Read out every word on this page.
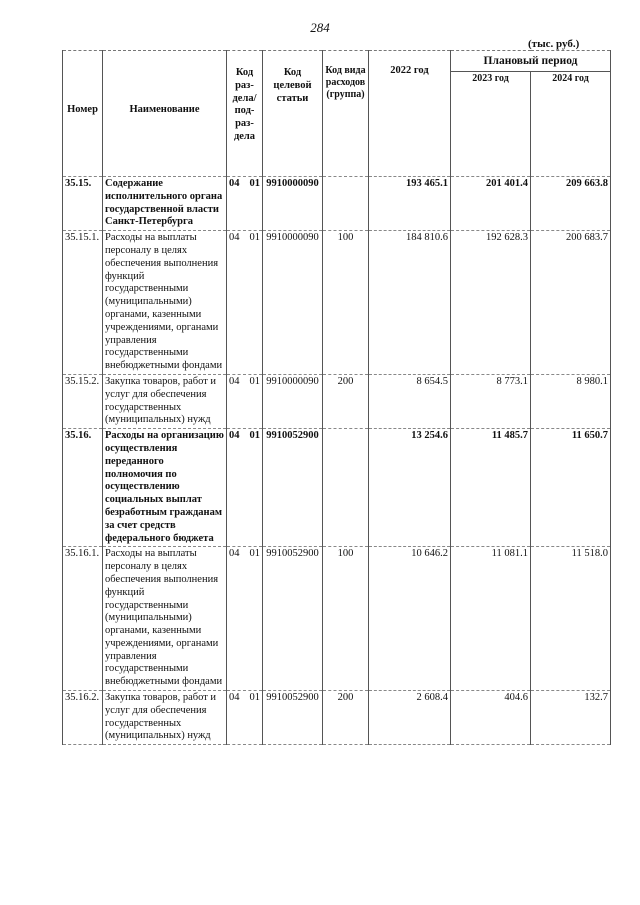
284
(тыс. руб.)
Номер	Наименование	Код раз-дела/ под-раз-дела	Код целевой статьи	Код вида расходов (группа)	2022 год	Плановый период	
						2023 год	2024 год

35.15.	Содержание исполнительного органа государственной власти Санкт-Петербурга	04 01	9910000090		193 465.1	201 401.4	209 663.8
35.15.1.	Расходы на выплаты персоналу в целях обеспечения выполнения функций государственными (муниципальными) органами, казенными учреждениями, органами управления государственными внебюджетными фондами	04 01	9910000090	100	184 810.6	192 628.3	200 683.7
35.15.2.	Закупка товаров, работ и услуг для обеспечения государственных (муниципальных) нужд	04 01	9910000090	200	8 654.5	8 773.1	8 980.1
35.16.	Расходы на организацию осуществления переданного полномочия по осуществлению социальных выплат безработным гражданам за счет средств федерального бюджета	04 01	9910052900		13 254.6	11 485.7	11 650.7
35.16.1.	Расходы на выплаты персоналу в целях обеспечения выполнения функций государственными (муниципальными) органами, казенными учреждениями, органами управления государственными внебюджетными фондами	04 01	9910052900	100	10 646.2	11 081.1	11 518.0
35.16.2.	Закупка товаров, работ и услуг для обеспечения государственных (муниципальных) нужд	04 01	9910052900	200	2 608.4	404.6	132.7
